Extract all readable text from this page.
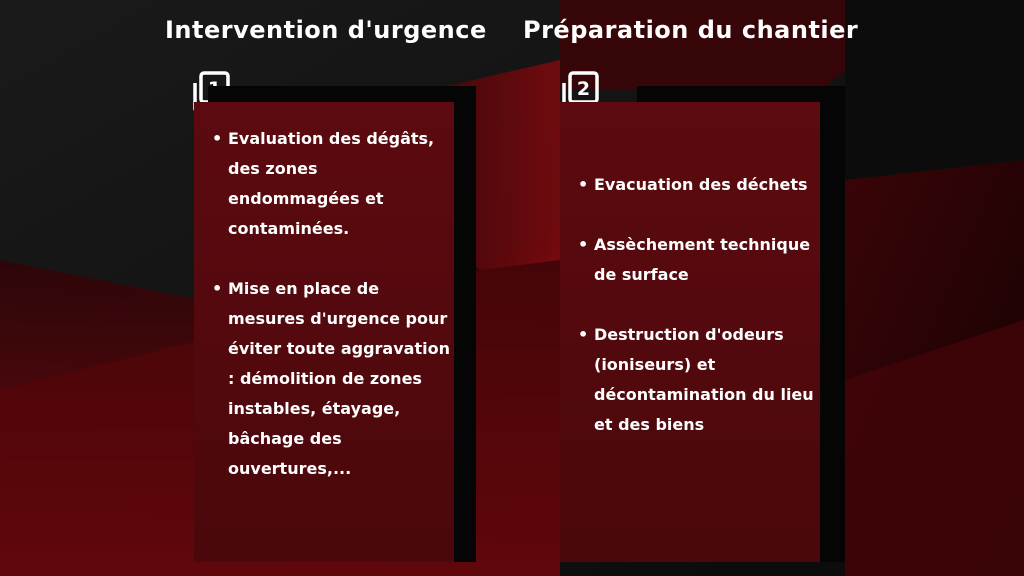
Intervention d'urgence Préparation du chantier
2
• Evaluation des dégâts, des zones endommagées et contaminées.
• Mise en place de mesures d'urgence pour éviter toute aggravation : démolition de zones instables, étayage, bâchage des ouvertures,...
• Evacuation des déchets
• Assèchement technique de surface
• Destruction d'odeurs (ioniseurs) et décontamination du lieu et des biens
